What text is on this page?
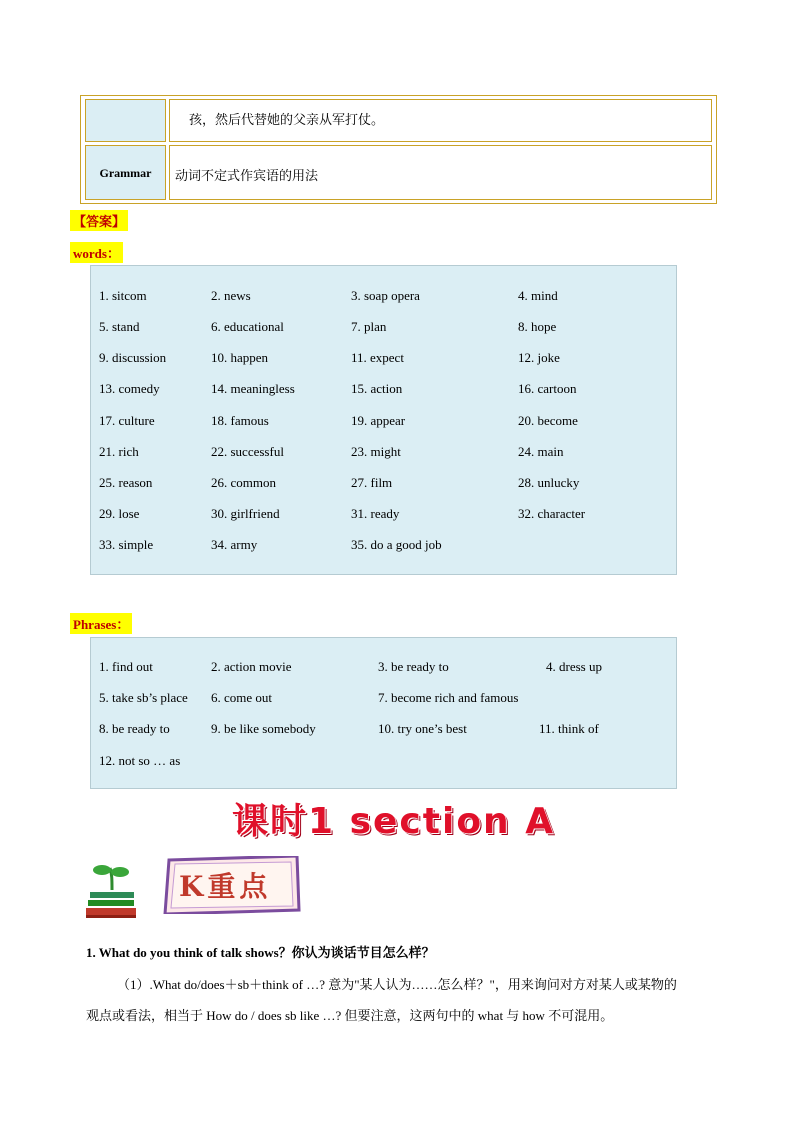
孩，然后代替她的父亲从军打仗。
Grammar	动词不定式作宾语的用法
【答案】
words：
1. sitcom	2. news	3. soap opera	4. mind
5. stand	6. educational	7. plan	8. hope
9. discussion	10. happen	11. expect	12. joke
13. comedy	14. meaningless	15. action	16. cartoon
17. culture	18. famous	19. appear	20. become
21. rich	22. successful	23. might	24. main
25. reason	26. common	27. film	28. unlucky
29. lose	30. girlfriend	31. ready	32. character
33. simple	34. army	35. do a good job
Phrases：
1. find out	2. action movie	3. be ready to	4. dress up
5. take sb’s place 6. come out	7. become rich and famous
8. be ready to	9. be like somebody	10. try one’s best	11. think of
12. not so … as
课时1 section A
K重点
1. What do you think of talk shows？你认为谈话节目怎么样？
（1）.What do/does＋sb＋think of …? 意为"某人认为……怎么样？"，用来询问对方对某人或某物的
观点或看法，相当于 How do / does sb like …? 但要注意，这两句中的 what 与 how 不可混用。
